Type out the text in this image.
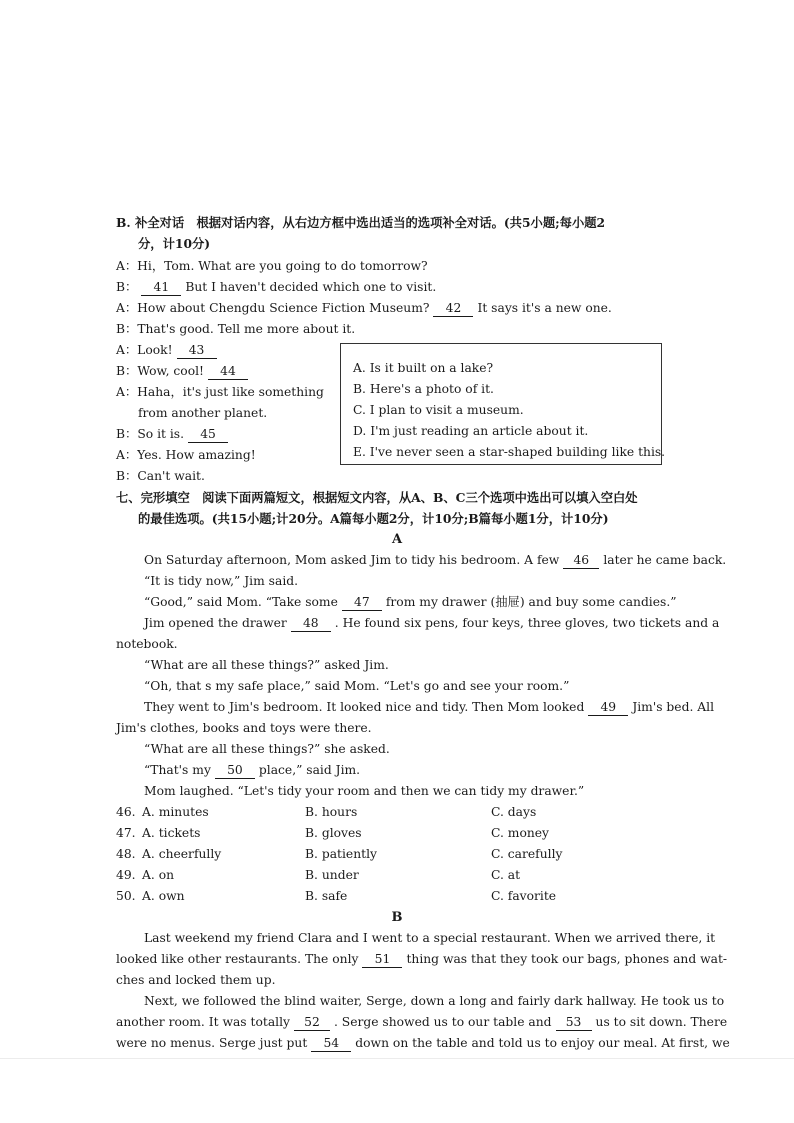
B. 补全对话　根据对话内容，从右边方框中选出适当的选项补全对话。(共5小题;每小题2
分，计10分)
A：Hi，Tom. What are you going to do tomorrow?
B： 41 But I haven't decided which one to visit.
A：How about Chengdu Science Fiction Museum? 42 It says it's a new one.
B：That's good. Tell me more about it.
A：Look! 43
B：Wow, cool! 44
A：Haha，it's just like something
from another planet.
B：So it is. 45
A：Yes. How amazing!
B：Can't wait.
A. Is it built on a lake?
B. Here's a photo of it.
C. I plan to visit a museum.
D. I'm just reading an article about it.
E. I've never seen a star-shaped building like this.
七、完形填空　阅读下面两篇短文，根据短文内容，从A、B、C三个选项中选出可以填入空白处
的最佳选项。(共15小题;计20分。A篇每小题2分，计10分;B篇每小题1分，计10分)
A
On Saturday afternoon, Mom asked Jim to tidy his bedroom. A few 46 later he came back.
“It is tidy now,” Jim said.
“Good,” said Mom. “Take some 47 from my drawer (抽屉) and buy some candies.”
Jim opened the drawer 48 . He found six pens, four keys, three gloves, two tickets and a
notebook.
“What are all these things?” asked Jim.
“Oh, that s my safe place,” said Mom. “Let's go and see your room.”
They went to Jim's bedroom. It looked nice and tidy. Then Mom looked 49 Jim's bed. All
Jim's clothes, books and toys were there.
“What are all these things?” she asked.
“That's my 50 place,” said Jim.
Mom laughed. “Let's tidy your room and then we can tidy my drawer.”
46. A. minutes	B. hours	C. days
47. A. tickets	B. gloves	C. money
48. A. cheerfully	B. patiently	C. carefully
49. A. on	B. under	C. at
50. A. own	B. safe	C. favorite
B
Last weekend my friend Clara and I went to a special restaurant. When we arrived there, it
looked like other restaurants. The only 51 thing was that they took our bags, phones and wat-
ches and locked them up.
Next, we followed the blind waiter, Serge, down a long and fairly dark hallway. He took us to
another room. It was totally 52 . Serge showed us to our table and 53 us to sit down. There
were no menus. Serge just put 54 down on the table and told us to enjoy our meal. At first, we
